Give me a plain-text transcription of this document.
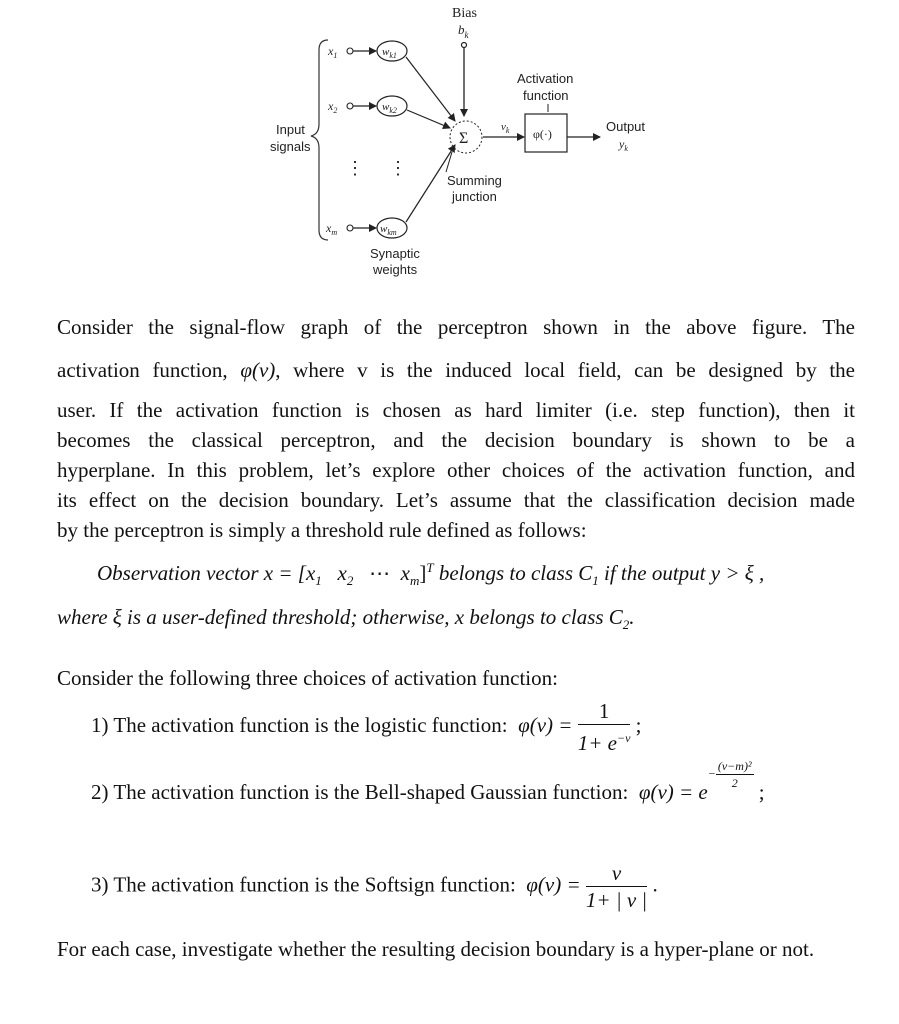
Bias
$b_k$
Input
signals
$x_1$	$w_{k1}$
$x_2$	$w_{k2}$
⋮ ⋮
$x_m$	$w_{km}$
Synaptic
weights
Σ
Summing
junction
$v_k$
Activation
function
φ(·)	Output
$y_k$
Consider the signal-flow graph of the perceptron shown in the above figure. The
activation function, φ(v), where v is the induced local field, can be designed by the
user. If the activation function is chosen as hard limiter (i.e. step function), then it
becomes the classical perceptron, and the decision boundary is shown to be a
hyperplane. In this problem, let’s explore other choices of the activation function, and
its effect on the decision boundary. Let’s assume that the classification decision made
by the perceptron is simply a threshold rule defined as follows:
Observation vector $x = [x_1$ $x_2$ ⋯ $x_m]^T$ belongs to class $C_1$ if the output y > ξ ,
where ξ is a user-defined threshold; otherwise, x belongs to class $C_2$.
Consider the following three choices of activation function:
1) The activation function is the logistic function: $\varphi(v) = \frac{1}{1+ e^{-v}}$ ;
2) The activation function is the Bell-shaped Gaussian function: $\varphi(v) = e- \frac{\text{(v−m)²}}{2}$
;
3) The activation function is the Softsign function: $\varphi(v) = \frac{v}{1+ | v |}$ .
For each case, investigate whether the resulting decision boundary is a hyper-plane or not.
